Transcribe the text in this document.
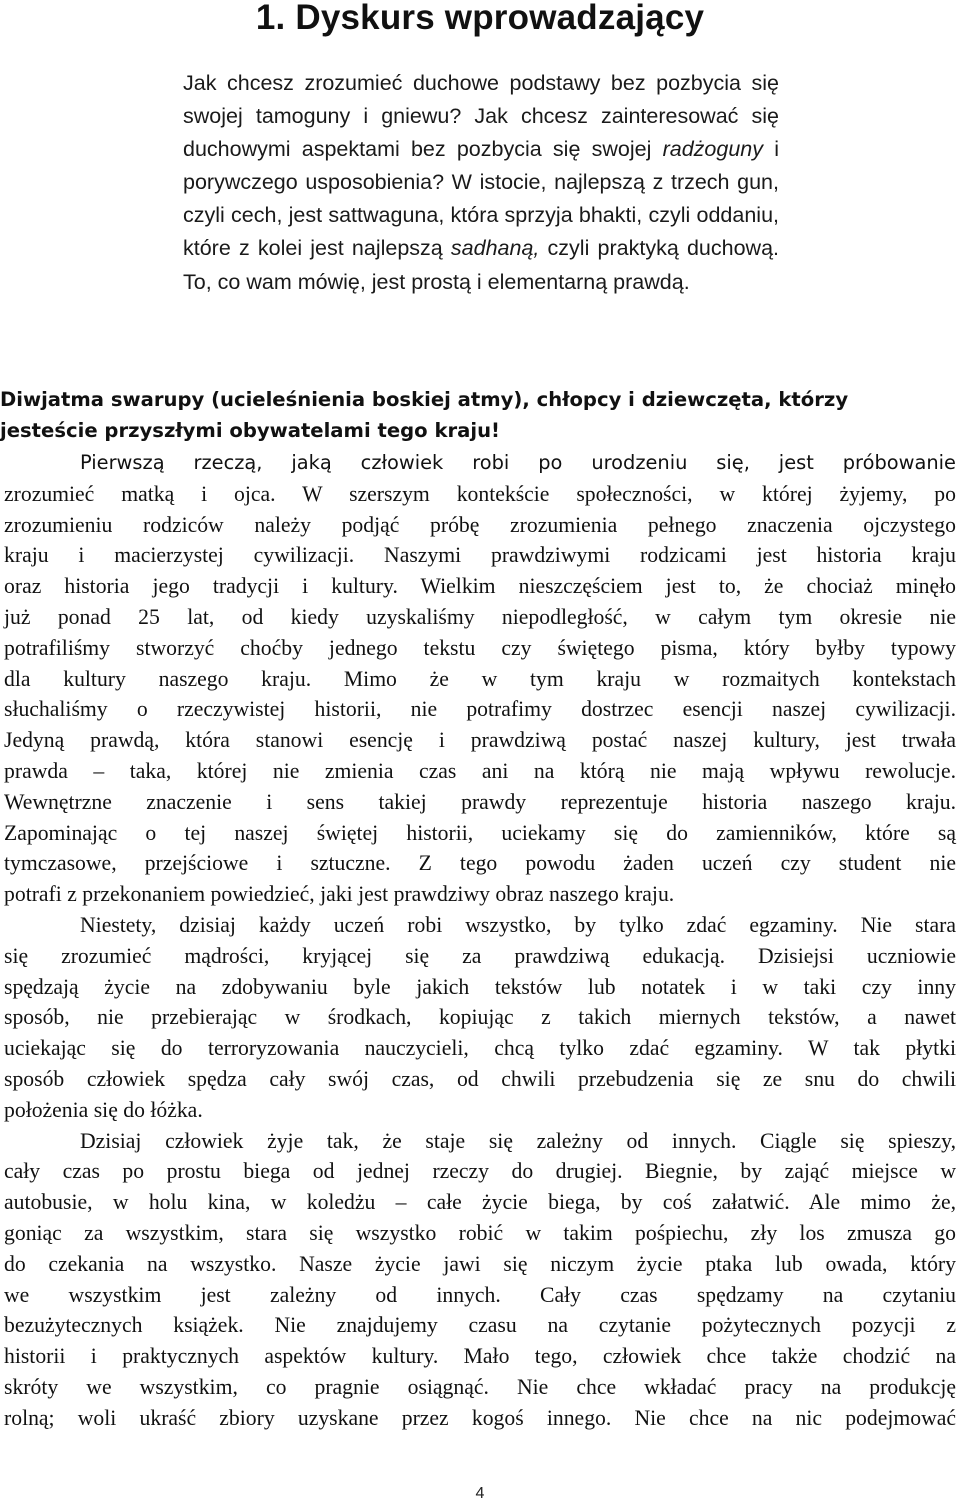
1. Dyskurs wprowadzający

Jak chcesz zrozumieć duchowe podstawy bez pozbycia się swojej tamoguny i gniewu? Jak chcesz zainteresować się duchowymi aspektami bez pozbycia się swojej radżoguny i porywczego usposobienia? W istocie, najlepszą z trzech gun, czyli cech, jest sattwaguna, która sprzyja bhakti, czyli oddaniu, które z kolei jest najlepszą sadhaną, czyli praktyką duchową. To, co wam mówię, jest prostą i elementarną prawdą.

Diwjatma swarupy (ucieleśnienia boskiej atmy), chłopcy i dziewczęta, którzy
jesteście przyszłymi obywatelami tego kraju!

Pierwszą rzeczą, jaką człowiek robi po urodzeniu się, jest próbowanie
zrozumieć matką i ojca. W szerszym kontekście społeczności, w której żyjemy, po
zrozumieniu rodziców należy podjąć próbę zrozumienia pełnego znaczenia ojczystego
kraju i macierzystej cywilizacji. Naszymi prawdziwymi rodzicami jest historia kraju
oraz historia jego tradycji i kultury. Wielkim nieszczęściem jest to, że chociaż minęło
już ponad 25 lat, od kiedy uzyskaliśmy niepodległość, w całym tym okresie nie
potrafiliśmy stworzyć choćby jednego tekstu czy świętego pisma, który byłby typowy
dla kultury naszego kraju. Mimo że w tym kraju w rozmaitych kontekstach
słuchaliśmy o rzeczywistej historii, nie potrafimy dostrzec esencji naszej cywilizacji.
Jedyną prawdą, która stanowi esencję i prawdziwą postać naszej kultury, jest trwała
prawda – taka, której nie zmienia czas ani na którą nie mają wpływu rewolucje.
Wewnętrzne znaczenie i sens takiej prawdy reprezentuje historia naszego kraju.
Zapominając o tej naszej świętej historii, uciekamy się do zamienników, które są
tymczasowe, przejściowe i sztuczne. Z tego powodu żaden uczeń czy student nie
potrafi z przekonaniem powiedzieć, jaki jest prawdziwy obraz naszego kraju.
Niestety, dzisiaj każdy uczeń robi wszystko, by tylko zdać egzaminy. Nie stara
się zrozumieć mądrości, kryjącej się za prawdziwą edukacją. Dzisiejsi uczniowie
spędzają życie na zdobywaniu byle jakich tekstów lub notatek i w taki czy inny
sposób, nie przebierając w środkach, kopiując z takich miernych tekstów, a nawet
uciekając się do terroryzowania nauczycieli, chcą tylko zdać egzaminy. W tak płytki
sposób człowiek spędza cały swój czas, od chwili przebudzenia się ze snu do chwili
położenia się do łóżka.
Dzisiaj człowiek żyje tak, że staje się zależny od innych. Ciągle się spieszy,
cały czas po prostu biega od jednej rzeczy do drugiej. Biegnie, by zająć miejsce w
autobusie, w holu kina, w koledżu – całe życie biega, by coś załatwić. Ale mimo że,
goniąc za wszystkim, stara się wszystko robić w takim pośpiechu, zły los zmusza go
do czekania na wszystko. Nasze życie jawi się niczym życie ptaka lub owada, który
we wszystkim jest zależny od innych. Cały czas spędzamy na czytaniu
bezużytecznych książek. Nie znajdujemy czasu na czytanie pożytecznych pozycji z
historii i praktycznych aspektów kultury. Mało tego, człowiek chce także chodzić na
skróty we wszystkim, co pragnie osiągnąć. Nie chce wkładać pracy na produkcję
rolną; woli ukraść zbiory uzyskane przez kogoś innego. Nie chce na nic podejmować
4
